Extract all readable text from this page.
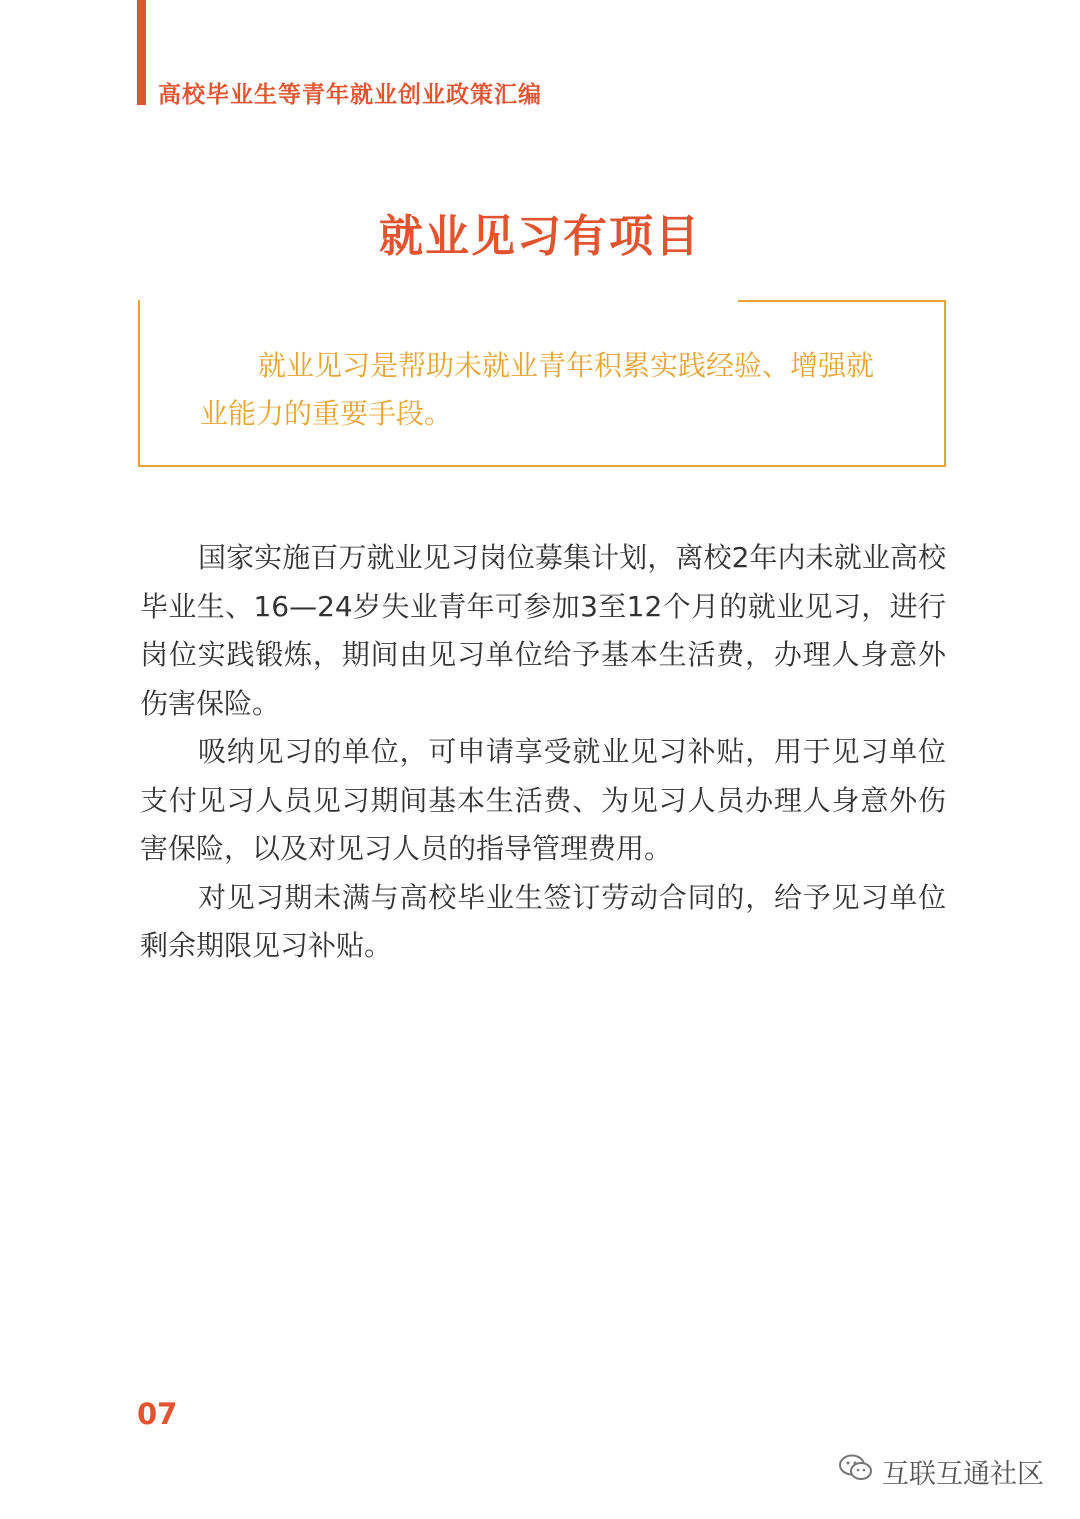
高校毕业生等青年就业创业政策汇编
就业见习有项目
就业见习是帮助未就业青年积累实践经验、增强就业能力的重要手段。

国家实施百万就业见习岗位募集计划，离校2年内未就业高校毕业生、16—24岁失业青年可参加3至12个月的就业见习，进行岗位实践锻炼，期间由见习单位给予基本生活费，办理人身意外伤害保险。

吸纳见习的单位，可申请享受就业见习补贴，用于见习单位支付见习人员见习期间基本生活费、为见习人员办理人身意外伤害保险，以及对见习人员的指导管理费用。

对见习期未满与高校毕业生签订劳动合同的，给予见习单位剩余期限见习补贴。

07
互联互通社区
